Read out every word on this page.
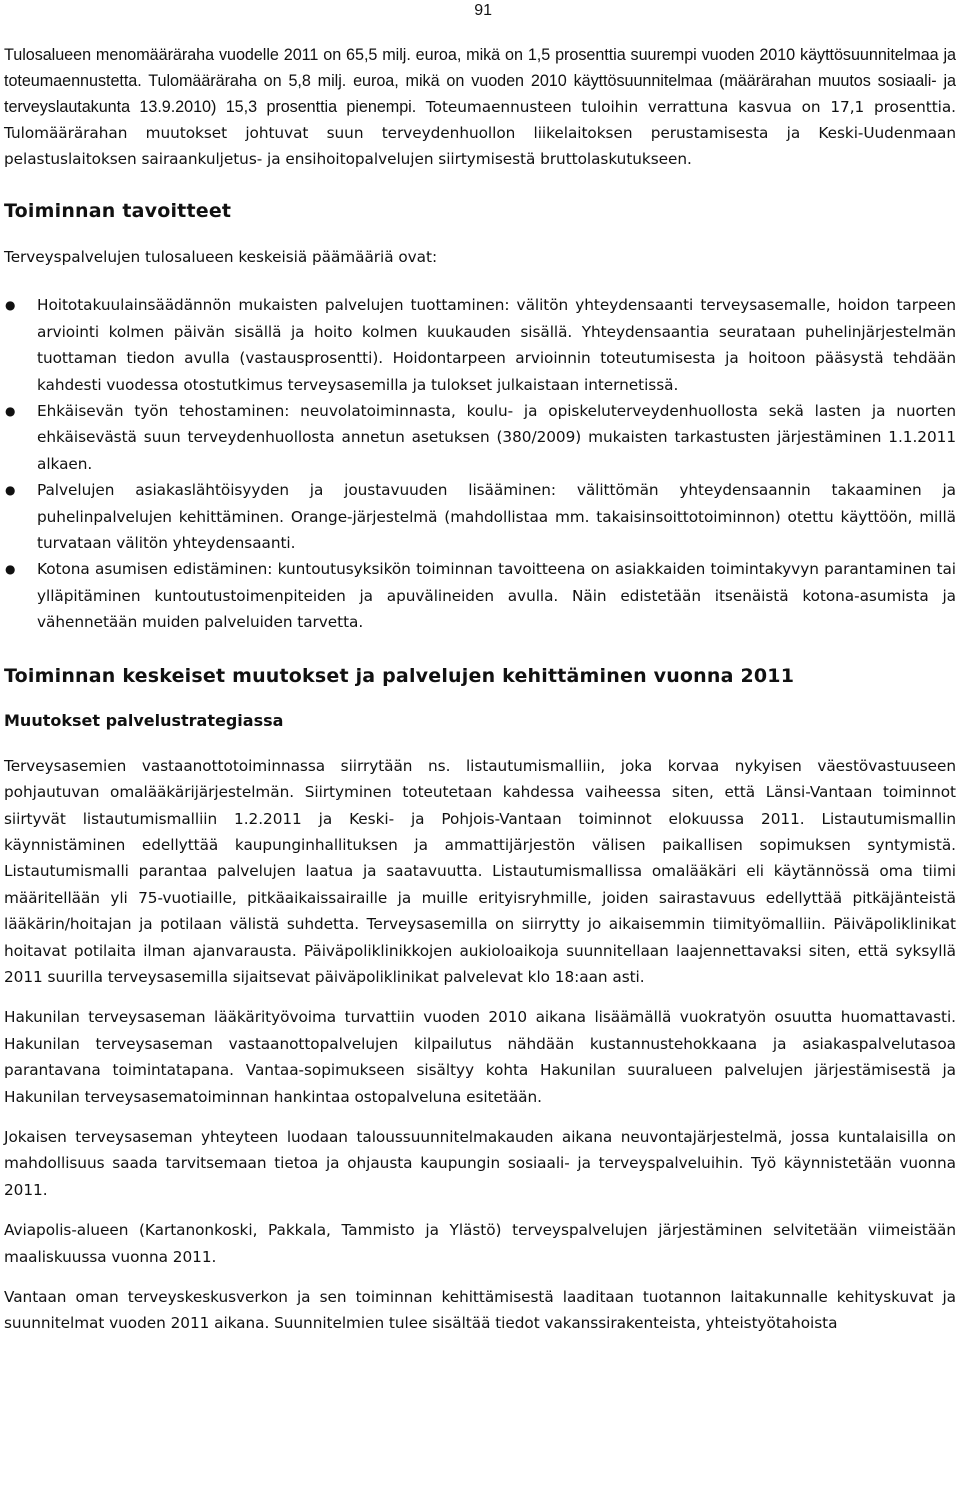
91

Tulosalueen menomääräraha vuodelle 2011 on 65,5 milj. euroa, mikä on 1,5 prosenttia suurempi vuoden 2010 käyttösuunnitelmaa ja toteumaennustetta. Tulomääräraha on 5,8 milj. euroa, mikä on vuoden 2010 käyttösuunnitelmaa (määrärahan muutos sosiaali- ja terveyslautakunta 13.9.2010) 15,3 prosenttia pienempi. Toteumaennusteen tuloihin verrattuna kasvua on 17,1 prosenttia. Tulomäärärahan muutokset johtuvat suun terveydenhuollon liikelaitoksen perustamisesta ja Keski-Uudenmaan pelastuslaitoksen sairaankuljetus- ja ensihoitopalvelujen siirtymisestä bruttolaskutukseen.

Toiminnan tavoitteet

Terveyspalvelujen tulosalueen keskeisiä päämääriä ovat:

● Hoitotakuulainsäädännön mukaisten palvelujen tuottaminen: välitön yhteydensaanti terveysasemalle, hoidon tarpeen arviointi kolmen päivän sisällä ja hoito kolmen kuukauden sisällä. Yhteydensaantia seurataan puhelinjärjestelmän tuottaman tiedon avulla (vastausprosentti). Hoidontarpeen arvioinnin toteutumisesta ja hoitoon pääsystä tehdään kahdesti vuodessa otostutkimus terveysasemilla ja tulokset julkaistaan internetissä.

● Ehkäisevän työn tehostaminen: neuvolatoiminnasta, koulu- ja opiskeluterveydenhuollosta sekä lasten ja nuorten ehkäisevästä suun terveydenhuollosta annetun asetuksen (380/2009) mukaisten tarkastusten järjestäminen 1.1.2011 alkaen.

● Palvelujen asiakaslähtöisyyden ja joustavuuden lisääminen: välittömän yhteydensaannin takaaminen ja puhelinpalvelujen kehittäminen. Orange-järjestelmä (mahdollistaa mm. takaisinsoittotoiminnon) otettu käyttöön, millä turvataan välitön yhteydensaanti.

● Kotona asumisen edistäminen: kuntoutusyksikön toiminnan tavoitteena on asiakkaiden toimintakyvyn parantaminen tai ylläpitäminen kuntoutustoimenpiteiden ja apuvälineiden avulla. Näin edistetään itsenäistä kotona-asumista ja vähennetään muiden palveluiden tarvetta.

Toiminnan keskeiset muutokset ja palvelujen kehittäminen vuonna 2011
Muutokset palvelustrategiassa

Terveysasemien vastaanottotoiminnassa siirrytään ns. listautumismalliin, joka korvaa nykyisen väestövastuuseen pohjautuvan omalääkärijärjestelmän. Siirtyminen toteutetaan kahdessa vaiheessa siten, että Länsi-Vantaan toiminnot siirtyvät listautumismalliin 1.2.2011 ja Keski- ja Pohjois-Vantaan toiminnot elokuussa 2011. Listautumismallin käynnistäminen edellyttää kaupunginhallituksen ja ammattijärjestön välisen paikallisen sopimuksen syntymistä. Listautumismalli parantaa palvelujen laatua ja saatavuutta. Listautumismallissa omalääkäri eli käytännössä oma tiimi määritellään yli 75-vuotiaille, pitkäaikaissairaille ja muille erityisryhmille, joiden sairastavuus edellyttää pitkäjänteistä lääkärin/hoitajan ja potilaan välistä suhdetta. Terveysasemilla on siirrytty jo aikaisemmin tiimityömalliin. Päiväpoliklinikat hoitavat potilaita ilman ajanvarausta. Päiväpoliklinikkojen aukioloaikoja suunnitellaan laajennettavaksi siten, että syksyllä 2011 suurilla terveysasemilla sijaitsevat päiväpoliklinikat palvelevat klo 18:aan asti.

Hakunilan terveysaseman lääkärityövoima turvattiin vuoden 2010 aikana lisäämällä vuokratyön osuutta huomattavasti. Hakunilan terveysaseman vastaanottopalvelujen kilpailutus nähdään kustannustehokkaana ja asiakaspalvelutasoa parantavana toimintatapana. Vantaa-sopimukseen sisältyy kohta Hakunilan suuralueen palvelujen järjestämisestä ja Hakunilan terveysasematoiminnan hankintaa ostopalveluna esitetään.

Jokaisen terveysaseman yhteyteen luodaan taloussuunnitelmakauden aikana neuvontajärjestelmä, jossa kuntalaisilla on mahdollisuus saada tarvitsemaan tietoa ja ohjausta kaupungin sosiaali- ja terveyspalveluihin. Työ käynnistetään vuonna 2011.

Aviapolis-alueen (Kartanonkoski, Pakkala, Tammisto ja Ylästö) terveyspalvelujen järjestäminen selvitetään viimeistään maaliskuussa vuonna 2011.

Vantaan oman terveyskeskusverkon ja sen toiminnan kehittämisestä laaditaan tuotannon laitakunnalle kehityskuvat ja suunnitelmat vuoden 2011 aikana. Suunnitelmien tulee sisältää tiedot vakanssirakenteista, yhteistyötahoista
